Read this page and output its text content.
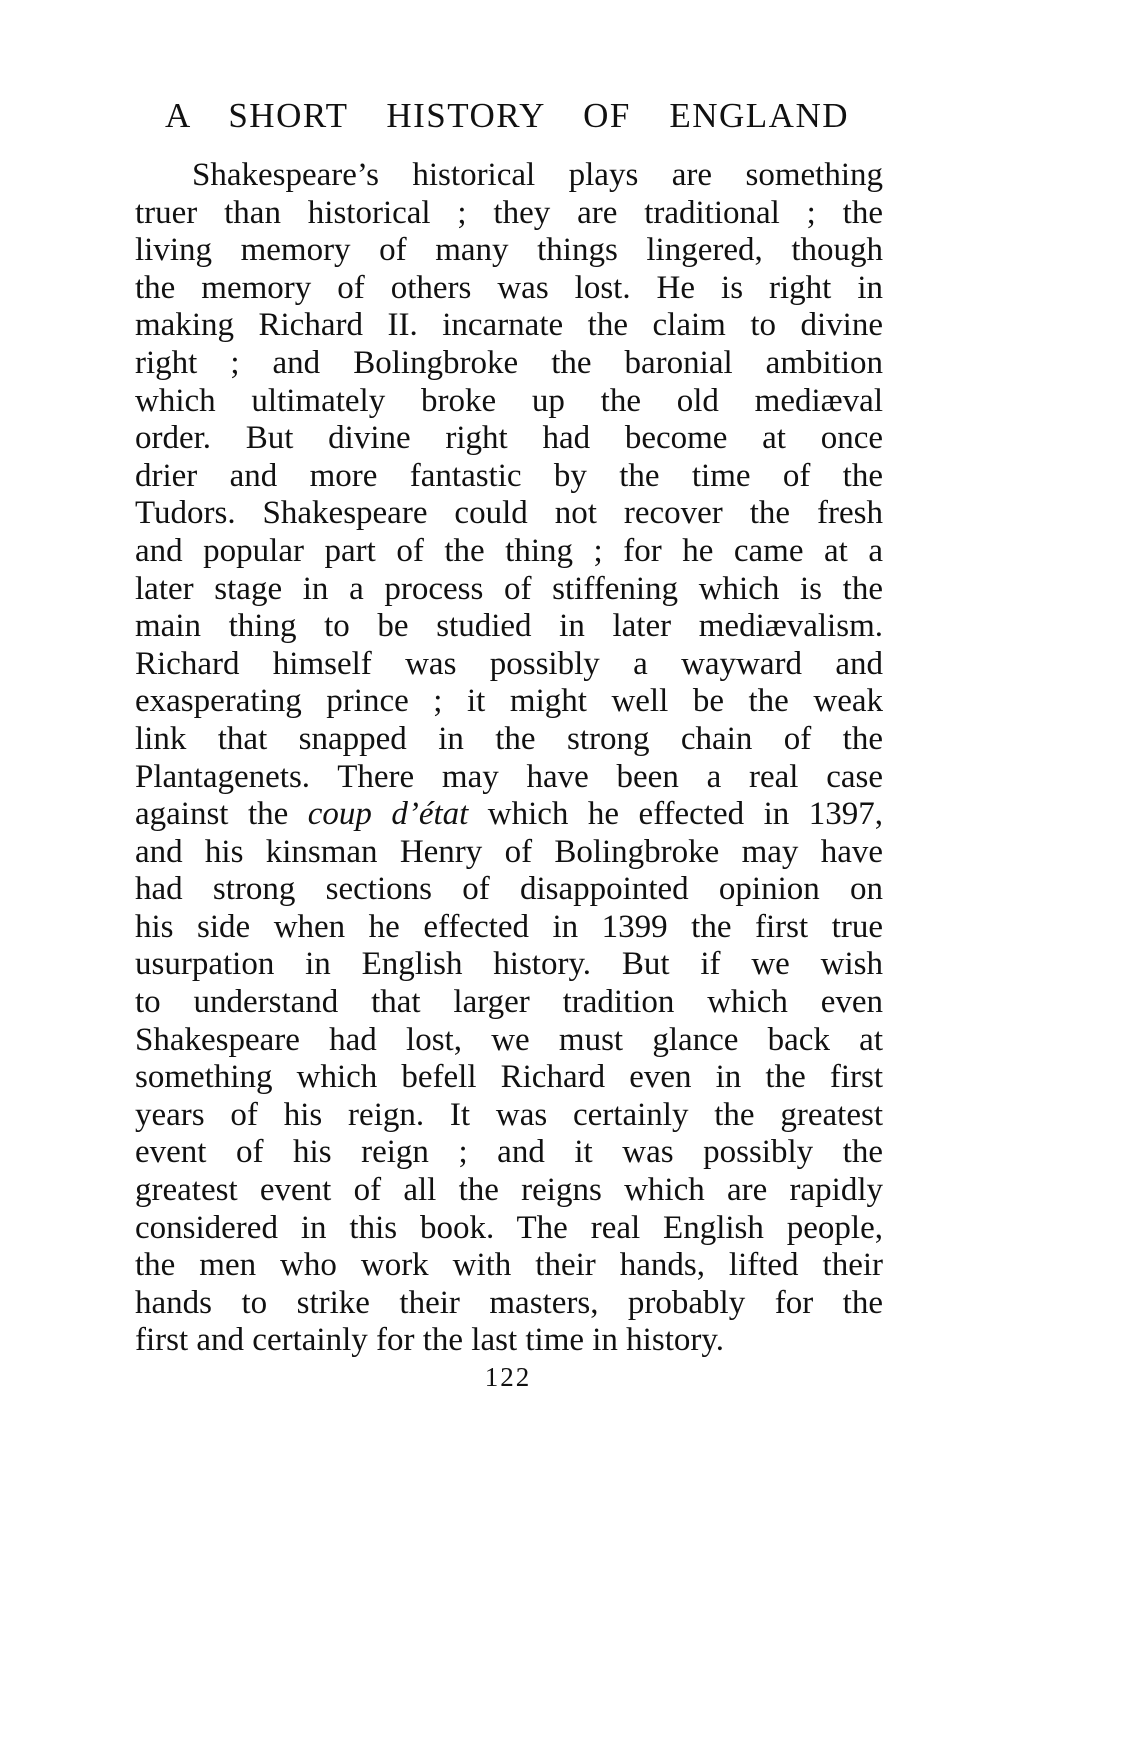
A SHORT HISTORY OF ENGLAND
Shakespeare’s historical plays are something
truer than historical ; they are traditional ; the
living memory of many things lingered, though
the memory of others was lost. He is right in
making Richard II. incarnate the claim to divine
right ; and Bolingbroke the baronial ambition
which ultimately broke up the old mediæval
order. But divine right had become at once
drier and more fantastic by the time of the
Tudors. Shakespeare could not recover the fresh
and popular part of the thing ; for he came at a
later stage in a process of stiffening which is the
main thing to be studied in later mediævalism.
Richard himself was possibly a wayward and
exasperating prince ; it might well be the weak
link that snapped in the strong chain of the
Plantagenets. There may have been a real case
against the coup d’état which he effected in 1397,
and his kinsman Henry of Bolingbroke may have
had strong sections of disappointed opinion on
his side when he effected in 1399 the first true
usurpation in English history. But if we wish
to understand that larger tradition which even
Shakespeare had lost, we must glance back at
something which befell Richard even in the first
years of his reign. It was certainly the greatest
event of his reign ; and it was possibly the
greatest event of all the reigns which are rapidly
considered in this book. The real English people,
the men who work with their hands, lifted their
hands to strike their masters, probably for the
first and certainly for the last time in history.
122
